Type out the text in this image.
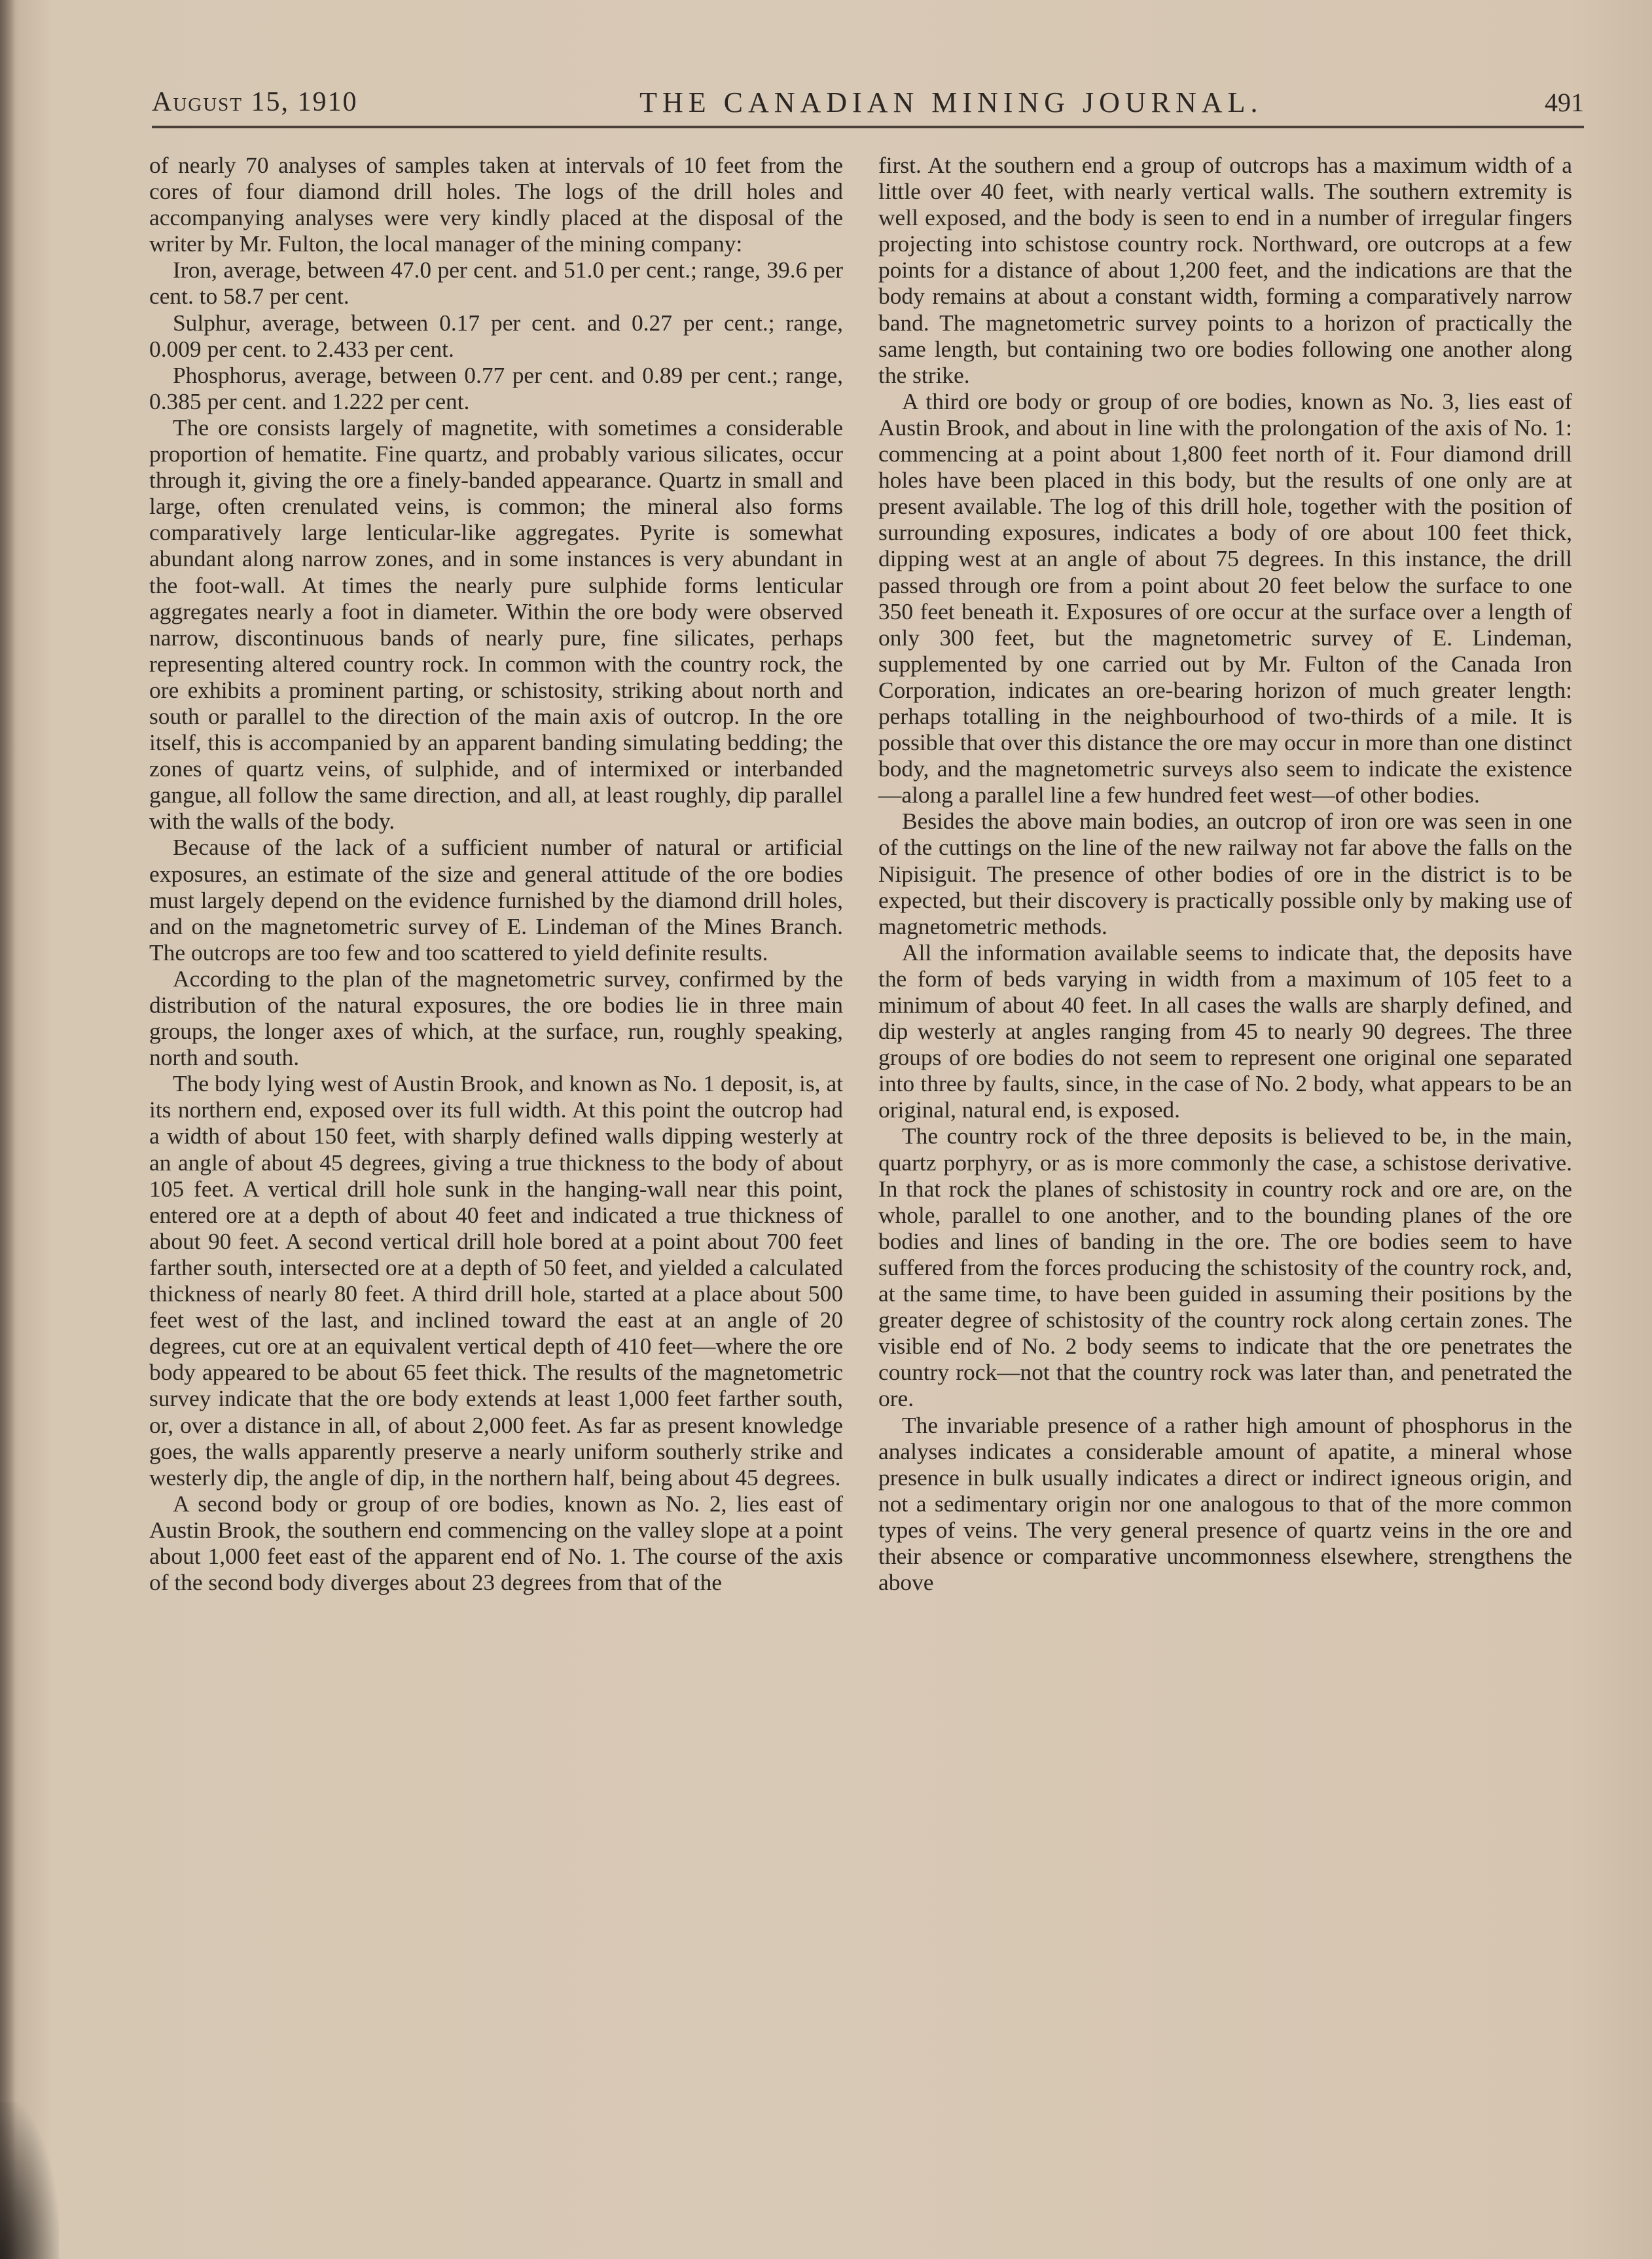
August 15, 1910	THE CANADIAN MINING JOURNAL.	491

of nearly 70 analyses of samples taken at intervals of 10 feet from the cores of four diamond drill holes. The logs of the drill holes and accompanying analyses were very kindly placed at the disposal of the writer by Mr. Fulton, the local manager of the mining company:

Iron, average, between 47.0 per cent. and 51.0 per cent.; range, 39.6 per cent. to 58.7 per cent.

Sulphur, average, between 0.17 per cent. and 0.27 per cent.; range, 0.009 per cent. to 2.433 per cent.

Phosphorus, average, between 0.77 per cent. and 0.89 per cent.; range, 0.385 per cent. and 1.222 per cent.

The ore consists largely of magnetite, with sometimes a considerable proportion of hematite. Fine quartz, and probably various silicates, occur through it, giving the ore a finely-banded appearance. Quartz in small and large, often crenulated veins, is common; the mineral also forms comparatively large lenticular-like aggregates. Pyrite is somewhat abundant along narrow zones, and in some instances is very abundant in the foot-wall. At times the nearly pure sulphide forms lenticular aggregates nearly a foot in diameter. Within the ore body were observed narrow, discontinuous bands of nearly pure, fine silicates, perhaps representing altered country rock. In common with the country rock, the ore exhibits a prominent parting, or schistosity, striking about north and south or parallel to the direction of the main axis of outcrop. In the ore itself, this is accompanied by an apparent banding simulating bedding; the zones of quartz veins, of sulphide, and of intermixed or interbanded gangue, all follow the same direction, and all, at least roughly, dip parallel with the walls of the body.

Because of the lack of a sufficient number of natural or artificial exposures, an estimate of the size and general attitude of the ore bodies must largely depend on the evidence furnished by the diamond drill holes, and on the magnetometric survey of E. Lindeman of the Mines Branch. The outcrops are too few and too scattered to yield definite results.

According to the plan of the magnetometric survey, confirmed by the distribution of the natural exposures, the ore bodies lie in three main groups, the longer axes of which, at the surface, run, roughly speaking, north and south.

The body lying west of Austin Brook, and known as No. 1 deposit, is, at its northern end, exposed over its full width. At this point the outcrop had a width of about 150 feet, with sharply defined walls dipping westerly at an angle of about 45 degrees, giving a true thickness to the body of about 105 feet. A vertical drill hole sunk in the hanging-wall near this point, entered ore at a depth of about 40 feet and indicated a true thickness of about 90 feet. A second vertical drill hole bored at a point about 700 feet farther south, intersected ore at a depth of 50 feet, and yielded a calculated thickness of nearly 80 feet. A third drill hole, started at a place about 500 feet west of the last, and inclined toward the east at an angle of 20 degrees, cut ore at an equivalent vertical depth of 410 feet—where the ore body appeared to be about 65 feet thick. The results of the magnetometric survey indicate that the ore body extends at least 1,000 feet farther south, or, over a distance in all, of about 2,000 feet. As far as present knowledge goes, the walls apparently preserve a nearly uniform southerly strike and westerly dip, the angle of dip, in the northern half, being about 45 degrees.

A second body or group of ore bodies, known as No. 2, lies east of Austin Brook, the southern end commencing on the valley slope at a point about 1,000 feet east of the apparent end of No. 1. The course of the axis of the second body diverges about 23 degrees from that of the

first. At the southern end a group of outcrops has a maximum width of a little over 40 feet, with nearly vertical walls. The southern extremity is well exposed, and the body is seen to end in a number of irregular fingers projecting into schistose country rock. Northward, ore outcrops at a few points for a distance of about 1,200 feet, and the indications are that the body remains at about a constant width, forming a comparatively narrow band. The magnetometric survey points to a horizon of practically the same length, but containing two ore bodies following one another along the strike.

A third ore body or group of ore bodies, known as No. 3, lies east of Austin Brook, and about in line with the prolongation of the axis of No. 1: commencing at a point about 1,800 feet north of it. Four diamond drill holes have been placed in this body, but the results of one only are at present available. The log of this drill hole, together with the position of surrounding exposures, indicates a body of ore about 100 feet thick, dipping west at an angle of about 75 degrees. In this instance, the drill passed through ore from a point about 20 feet below the surface to one 350 feet beneath it. Exposures of ore occur at the surface over a length of only 300 feet, but the magnetometric survey of E. Lindeman, supplemented by one carried out by Mr. Fulton of the Canada Iron Corporation, indicates an ore-bearing horizon of much greater length: perhaps totalling in the neighbourhood of two-thirds of a mile. It is possible that over this distance the ore may occur in more than one distinct body, and the magnetometric surveys also seem to indicate the existence—along a parallel line a few hundred feet west—of other bodies.

Besides the above main bodies, an outcrop of iron ore was seen in one of the cuttings on the line of the new railway not far above the falls on the Nipisiguit. The presence of other bodies of ore in the district is to be expected, but their discovery is practically possible only by making use of magnetometric methods.

All the information available seems to indicate that, the deposits have the form of beds varying in width from a maximum of 105 feet to a minimum of about 40 feet. In all cases the walls are sharply defined, and dip westerly at angles ranging from 45 to nearly 90 degrees. The three groups of ore bodies do not seem to represent one original one separated into three by faults, since, in the case of No. 2 body, what appears to be an original, natural end, is exposed.

The country rock of the three deposits is believed to be, in the main, quartz porphyry, or as is more commonly the case, a schistose derivative. In that rock the planes of schistosity in country rock and ore are, on the whole, parallel to one another, and to the bounding planes of the ore bodies and lines of banding in the ore. The ore bodies seem to have suffered from the forces producing the schistosity of the country rock, and, at the same time, to have been guided in assuming their positions by the greater degree of schistosity of the country rock along certain zones. The visible end of No. 2 body seems to indicate that the ore penetrates the country rock—not that the country rock was later than, and penetrated the ore.

The invariable presence of a rather high amount of phosphorus in the analyses indicates a considerable amount of apatite, a mineral whose presence in bulk usually indicates a direct or indirect igneous origin, and not a sedimentary origin nor one analogous to that of the more common types of veins. The very general presence of quartz veins in the ore and their absence or comparative uncommonness elsewhere, strengthens the above
